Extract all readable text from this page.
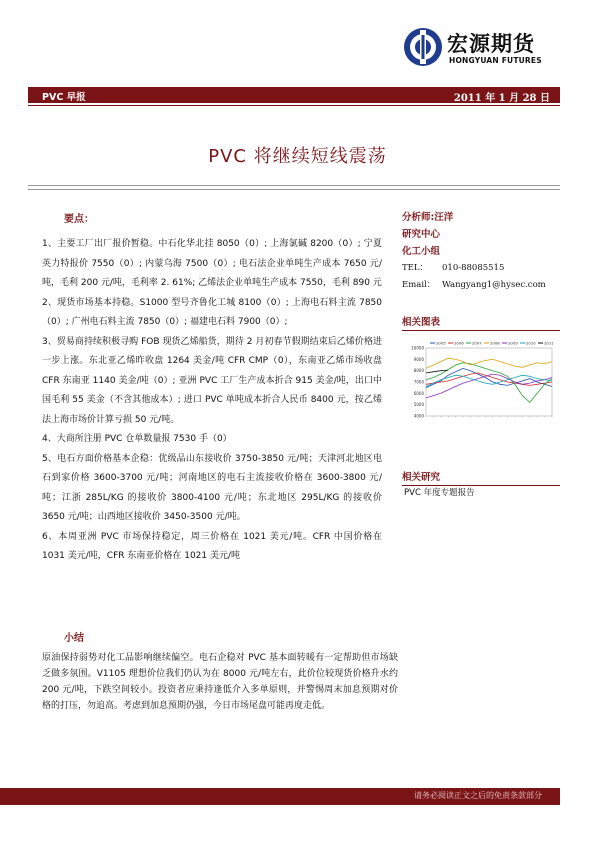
宏源期货
HONGYUAN FUTURES
PVC 早报	2011 年 1 月 28 日
PVC 将继续短线震荡
要点：

1、主要工厂出厂报价暂稳。中石化华北挂 8050（0）; 上海氯碱 8200（0）; 宁夏英力特报价 7550（0）; 内蒙乌海 7500（0）; 电石法企业单吨生产成本 7650 元/吨，毛利 200 元/吨，毛利率 2. 61%; 乙烯法企业单吨生产成本 7550，毛利 890 元

2、现货市场基本持稳。S1000 型号齐鲁化工城 8100（0）; 上海电石料主流 7850（0）; 广州电石料主流 7850（0）; 福建电石料 7900（0）;

3、贸易商持续积极寻购 FOB 现货乙烯船货，期待 2 月初春节假期结束后乙烯价格进一步上涨。东北亚乙烯昨收盘 1264 美金/吨 CFR CMP（0），东南亚乙烯市场收盘 CFR 东南亚 1140 美金/吨（0）; 亚洲 PVC 工厂生产成本折合 915 美金/吨，出口中国毛利 55 美金（不含其他成本）; 进口 PVC 单吨成本折合人民币 8400 元，按乙烯法上海市场价计算亏损 50 元/吨。

4、大商所注册 PVC 仓单数量报 7530 手（0）

5、电石方面价格基本企稳：优级品山东接收价 3750-3850 元/吨；天津河北地区电石到家价格 3600-3700 元/吨；河南地区的电石主流接收价格在 3600-3800 元/吨；江浙 285L/KG 的接收价 3800-4100 元/吨；东北地区 295L/KG 的接收价 3650 元/吨；山西地区接收价 3450-3500 元/吨。

6、本周亚洲 PVC 市场保持稳定，周三价格在 1021 美元/吨。CFR 中国价格在 1031 美元/吨，CFR 东南亚价格在 1021 美元/吨

分析师:汪洋
研究中心
化工小组
TEL： 010-88085515
Email： Wangyang1@hysec.com
相关图表
10000
9000
8000
7000
6000
5000
4000
2005 2006 2007 2008 2009 2010 2011
相关研究
PVC 年度专题报告
小结

原油保持弱势对化工品影响继续偏空。电石企稳对 PVC 基本面转暖有一定帮助但市场缺乏做多氛围。V1105 理想价位我们仍认为在 8000 元/吨左右，此价位较现货价格升水约 200 元/吨，下跌空间较小。投资者应秉持逢低介入多单原则，并警惕周末加息预期对价格的打压，勿追高。考虑到加息预期仍强，今日市场尾盘可能再度走低。

请务必阅读正文之后的免责条款部分
